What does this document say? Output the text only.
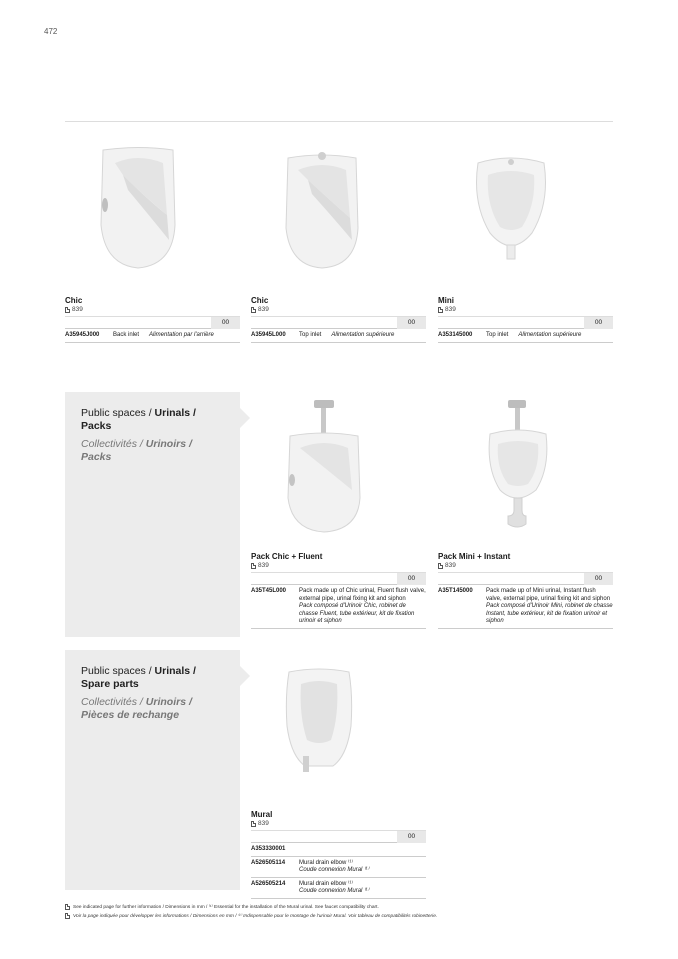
472
Chic
839
00
A35945J000	Back inlet Alimentation par l'arrière
Chic
839
00
A35945L000	Top inlet Alimentation supérieure
Mini
839
00
A353145000	Top inlet Alimentation supérieure
Public spaces / Urinals /
Packs
Collectivités / Urinoirs /
Packs
Pack Chic + Fluent
839
00
A35T45L000	Pack made up of Chic urinal, Fluent flush valve, external pipe, urinal fixing kit and siphon
Pack composé d'Urinoir Chic, robinet de chasse Fluent, tube extérieur, kit de fixation urinoir et siphon
Pack Mini + Instant
839
00
A35T145000	Pack made up of Mini urinal, Instant flush valve, external pipe, urinal fixing kit and siphon
Pack composé d'Urinoir Mini, robinet de chasse Instant, tube extérieur, kit de fixation urinoir et siphon
Public spaces / Urinals /
Spare parts
Collectivités / Urinoirs /
Pièces de rechange
Mural
839
00
A353330001
A526505114	Mural drain elbow ⁽¹⁾
Coude connexion Mural ⁽¹⁾
A526505214	Mural drain elbow ⁽¹⁾
Coude connexion Mural ⁽¹⁾
See indicated page for further information / Dimensions in mm / ⁽¹⁾ Essential for the installation of the Mural urinal. See faucet compatibility chart.
Voir la page indiquée pour développer les informations / Dimensions en mm / ⁽¹⁾ Indispensable pour le montage de l'urinoir Mural. Voir tableau de compatibilités robinetterie.
